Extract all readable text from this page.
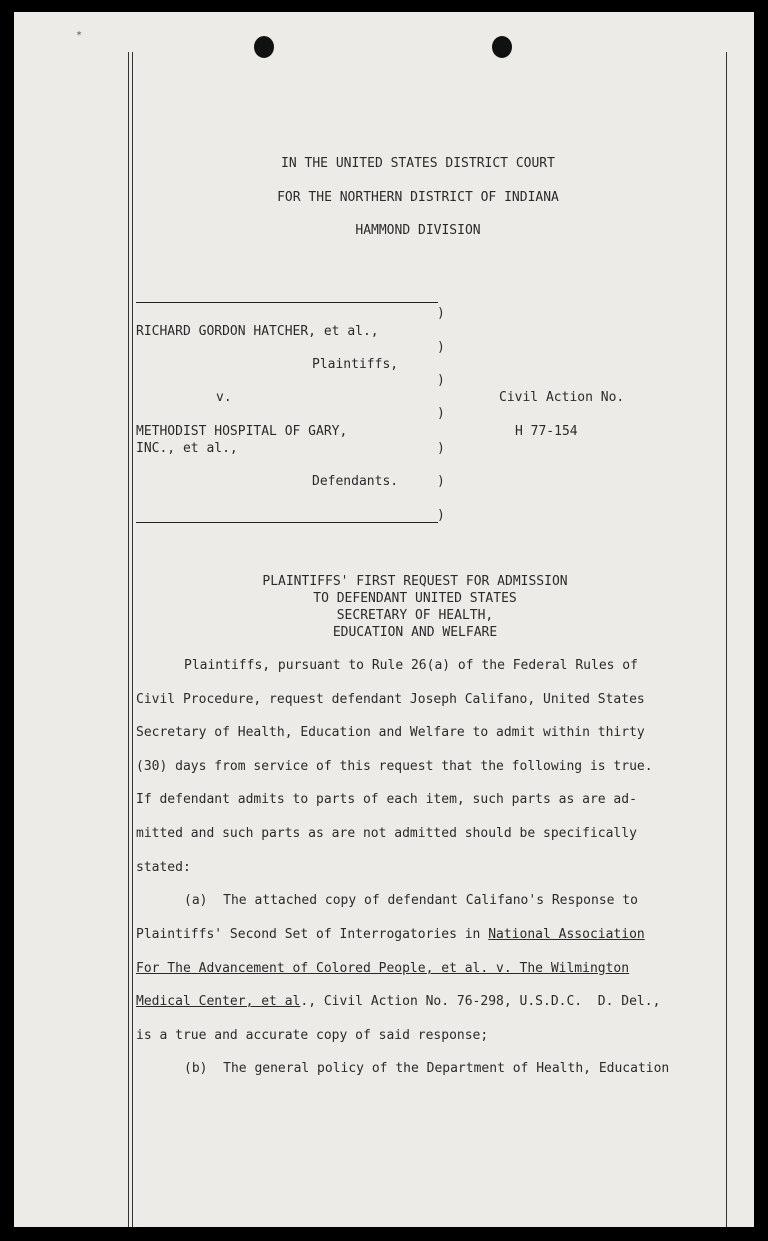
*
IN THE UNITED STATES DISTRICT COURT
FOR THE NORTHERN DISTRICT OF INDIANA
HAMMOND DIVISION
)
RICHARD GORDON HATCHER, et al.,
)
Plaintiffs,
)
v.	Civil Action No.
)
METHODIST HOSPITAL OF GARY,	H 77-154
INC., et al.,	)
Defendants.	)
)
PLAINTIFFS' FIRST REQUEST FOR ADMISSION
TO DEFENDANT UNITED STATES
SECRETARY OF HEALTH,
EDUCATION AND WELFARE
Plaintiffs, pursuant to Rule 26(a) of the Federal Rules of
Civil Procedure, request defendant Joseph Califano, United States
Secretary of Health, Education and Welfare to admit within thirty
(30) days from service of this request that the following is true.
If defendant admits to parts of each item, such parts as are ad-
mitted and such parts as are not admitted should be specifically
stated:
(a)  The attached copy of defendant Califano's Response to
Plaintiffs' Second Set of Interrogatories in National Association
For The Advancement of Colored People, et al. v. The Wilmington
Medical Center, et al., Civil Action No. 76-298, U.S.D.C.  D. Del.,
is a true and accurate copy of said response;
(b)  The general policy of the Department of Health, Education
